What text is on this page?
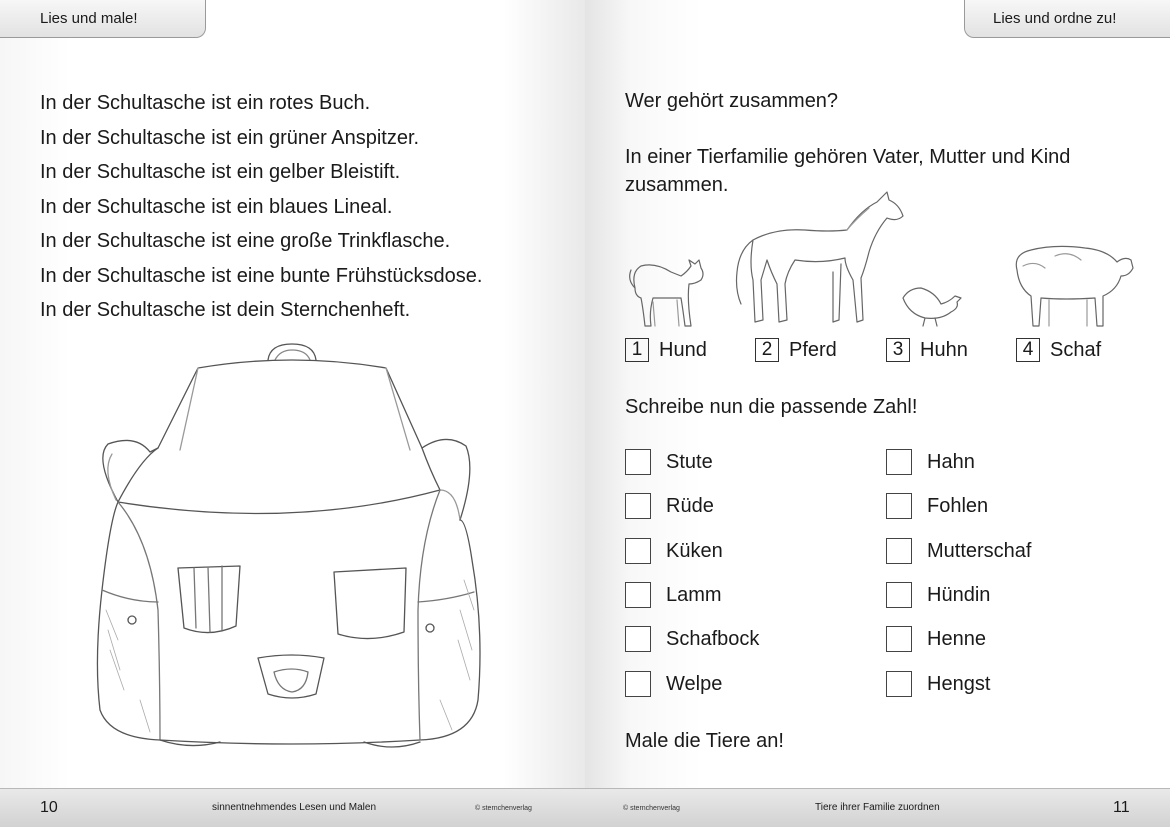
Lies und male!
In der Schultasche ist ein rotes Buch.
In der Schultasche ist ein grüner Anspitzer.
In der Schultasche ist ein gelber Bleistift.
In der Schultasche ist ein blaues Lineal.
In der Schultasche ist eine große Trinkflasche.
In der Schultasche ist eine bunte Frühstücksdose.
In der Schultasche ist dein Sternchenheft.
10	sinnentnehmendes Lesen und Malen	© sternchenverlag
Lies und ordne zu!
Wer gehört zusammen?
In einer Tierfamilie gehören Vater, Mutter und Kind
zusammen.
1 Hund	2 Pferd	3 Huhn	4 Schaf
Schreibe nun die passende Zahl!
Stute
Rüde
Küken
Lamm
Schafbock
Welpe
Hahn
Fohlen
Mutterschaf
Hündin
Henne
Hengst
Male die Tiere an!
© sternchenverlag	Tiere ihrer Familie zuordnen	11
